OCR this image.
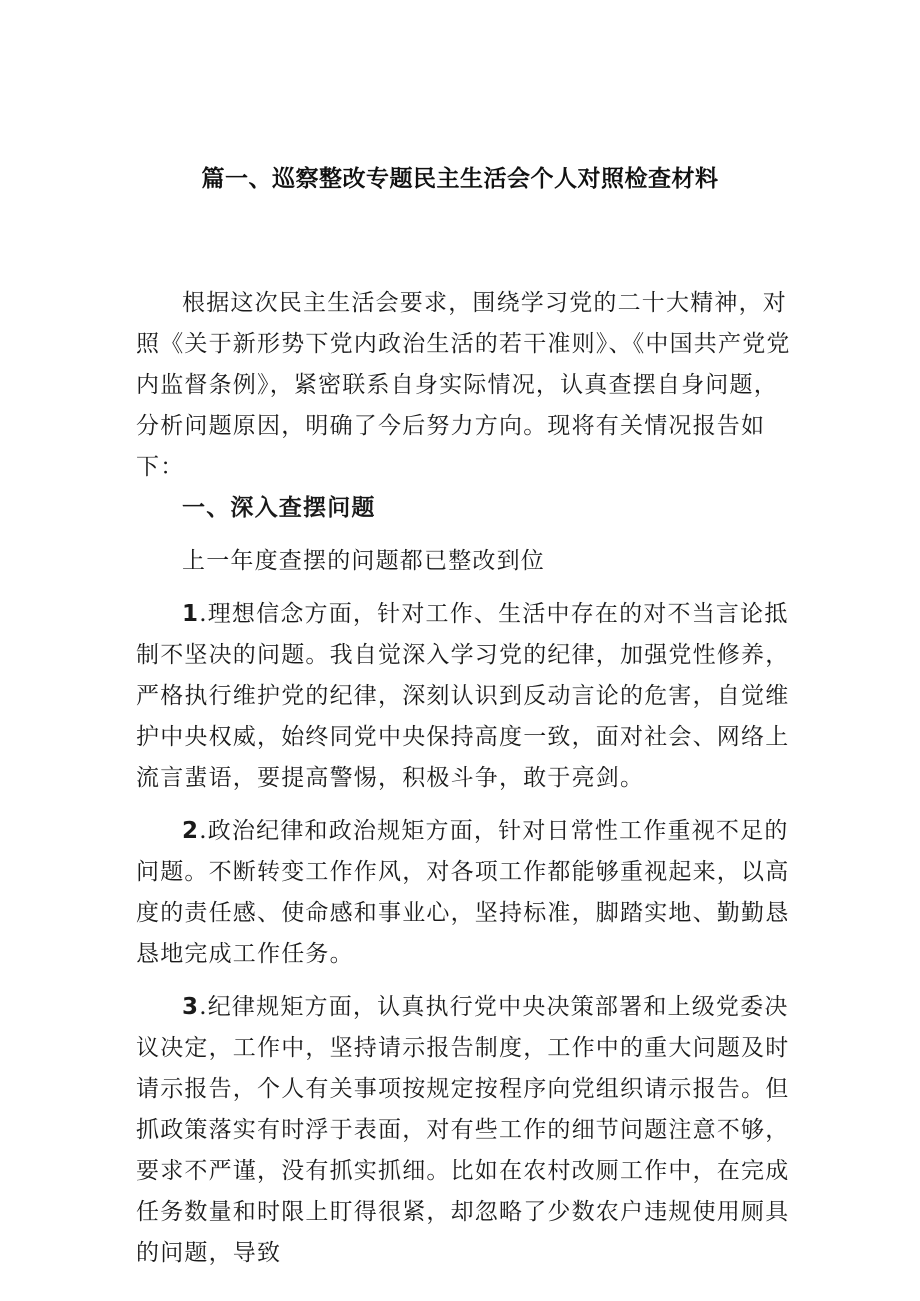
篇一、巡察整改专题民主生活会个人对照检查材料

根据这次民主生活会要求，围绕学习党的二十大精神，对照《关于新形势下党内政治生活的若干准则》、《中国共产党党内监督条例》，紧密联系自身实际情况，认真查摆自身问题，分析问题原因，明确了今后努力方向。现将有关情况报告如下：

一、深入查摆问题

上一年度查摆的问题都已整改到位

1.理想信念方面，针对工作、生活中存在的对不当言论抵制不坚决的问题。我自觉深入学习党的纪律，加强党性修养，严格执行维护党的纪律，深刻认识到反动言论的危害，自觉维护中央权威，始终同党中央保持高度一致，面对社会、网络上流言蜚语，要提高警惕，积极斗争，敢于亮剑。

2.政治纪律和政治规矩方面，针对日常性工作重视不足的问题。不断转变工作作风，对各项工作都能够重视起来，以高度的责任感、使命感和事业心，坚持标准，脚踏实地、勤勤恳恳地完成工作任务。

3.纪律规矩方面，认真执行党中央决策部署和上级党委决议决定，工作中，坚持请示报告制度，工作中的重大问题及时请示报告，个人有关事项按规定按程序向党组织请示报告。但抓政策落实有时浮于表面，对有些工作的细节问题注意不够，要求不严谨，没有抓实抓细。比如在农村改厕工作中，在完成任务数量和时限上盯得很紧，却忽略了少数农户违规使用厕具的问题，导致
